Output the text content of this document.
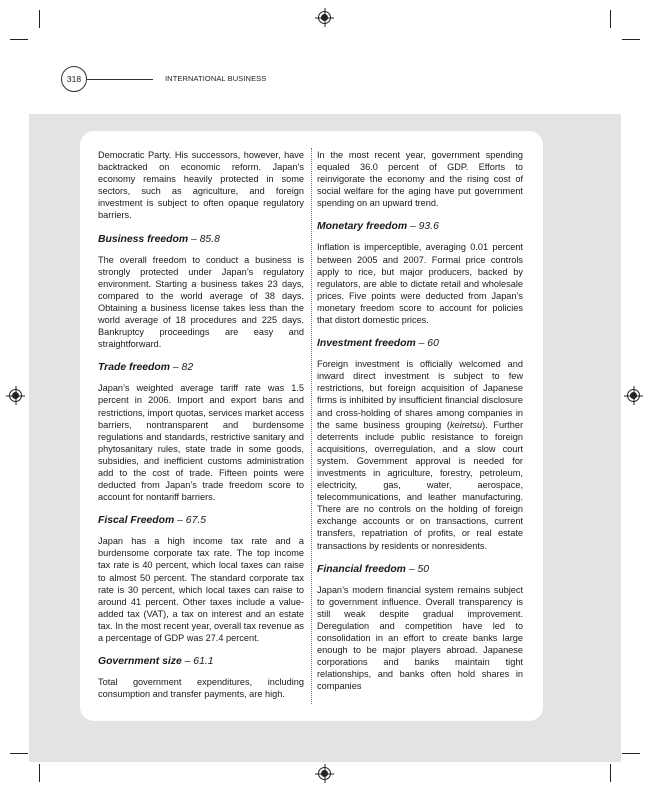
318	INTERNATIONAL BUSINESS

Democratic Party. His successors, however, have backtracked on economic reform. Japan’s economy remains heavily protected in some sectors, such as agriculture, and foreign investment is subject to often opaque regulatory barriers.

Business freedom – 85.8

The overall freedom to conduct a business is strongly protected under Japan’s regulatory environment. Starting a business takes 23 days, compared to the world average of 38 days. Obtaining a business license takes less than the world average of 18 procedures and 225 days. Bankruptcy proceedings are easy and straightforward.

Trade freedom – 82

Japan’s weighted average tariff rate was 1.5 percent in 2006. Import and export bans and restrictions, import quotas, services market access barriers, nontransparent and burdensome regulations and standards, restrictive sanitary and phytosanitary rules, state trade in some goods, subsidies, and inefficient customs administration add to the cost of trade. Fifteen points were deducted from Japan’s trade freedom score to account for nontariff barriers.

Fiscal Freedom – 67.5

Japan has a high income tax rate and a burdensome corporate tax rate. The top income tax rate is 40 percent, which local taxes can raise to almost 50 percent. The standard corporate tax rate is 30 percent, which local taxes can raise to around 41 percent. Other taxes include a value-added tax (VAT), a tax on interest and an estate tax. In the most recent year, overall tax revenue as a percentage of GDP was 27.4 percent.

Government size – 61.1

Total government expenditures, including consumption and transfer payments, are high.

In the most recent year, government spending equaled 36.0 percent of GDP. Efforts to reinvigorate the economy and the rising cost of social welfare for the aging have put government spending on an upward trend.

Monetary freedom – 93.6

Inflation is imperceptible, averaging 0.01 percent between 2005 and 2007. Formal price controls apply to rice, but major producers, backed by regulators, are able to dictate retail and wholesale prices. Five points were deducted from Japan’s monetary freedom score to account for policies that distort domestic prices.

Investment freedom – 60

Foreign investment is officially welcomed and inward direct investment is subject to few restrictions, but foreign acquisition of Japanese firms is inhibited by insufficient financial disclosure and cross-holding of shares among companies in the same business grouping (keiretsu). Further deterrents include public resistance to foreign acquisitions, overregulation, and a slow court system. Government approval is needed for investments in agriculture, forestry, petroleum, electricity, gas, water, aerospace, telecommunications, and leather manufacturing. There are no controls on the holding of foreign exchange accounts or on transactions, current transfers, repatriation of profits, or real estate transactions by residents or nonresidents.

Financial freedom – 50

Japan’s modern financial system remains subject to government influence. Overall transparency is still weak despite gradual improvement. Deregulation and competition have led to consolidation in an effort to create banks large enough to be major players abroad. Japanese corporations and banks maintain tight relationships, and banks often hold shares in companies
